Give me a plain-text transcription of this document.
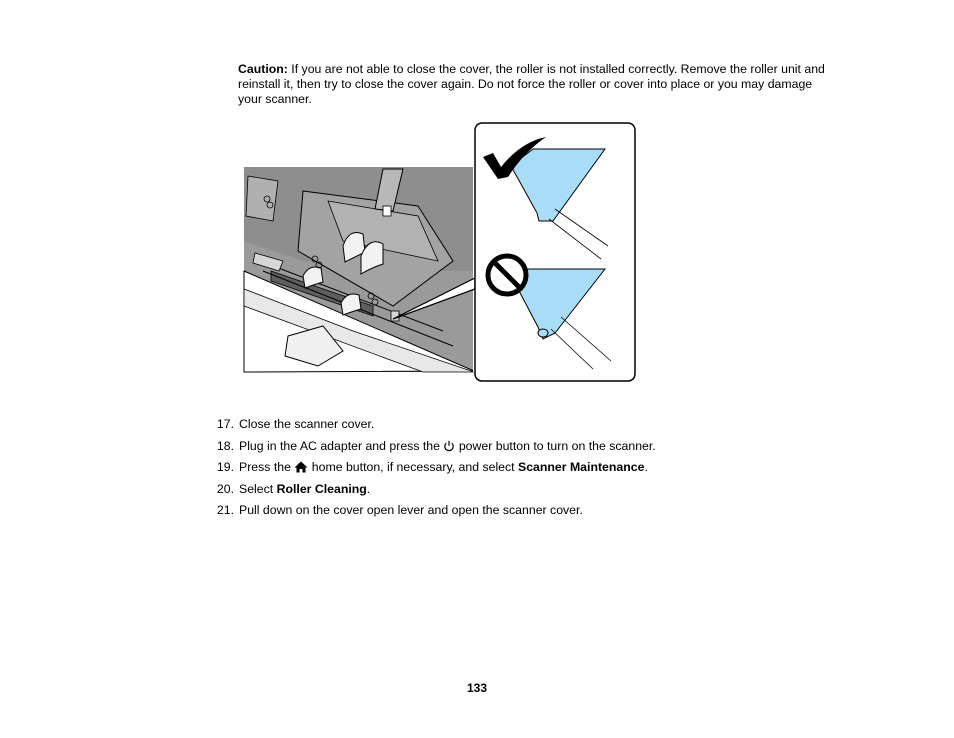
Caution: If you are not able to close the cover, the roller is not installed correctly. Remove the roller unit and reinstall it, then try to close the cover again. Do not force the roller or cover into place or you may damage your scanner.
17. Close the scanner cover.
18. Plug in the AC adapter and press the  power button to turn on the scanner.
19. Press the  home button, if necessary, and select Scanner Maintenance.
20. Select Roller Cleaning.
21. Pull down on the cover open lever and open the scanner cover.
133
